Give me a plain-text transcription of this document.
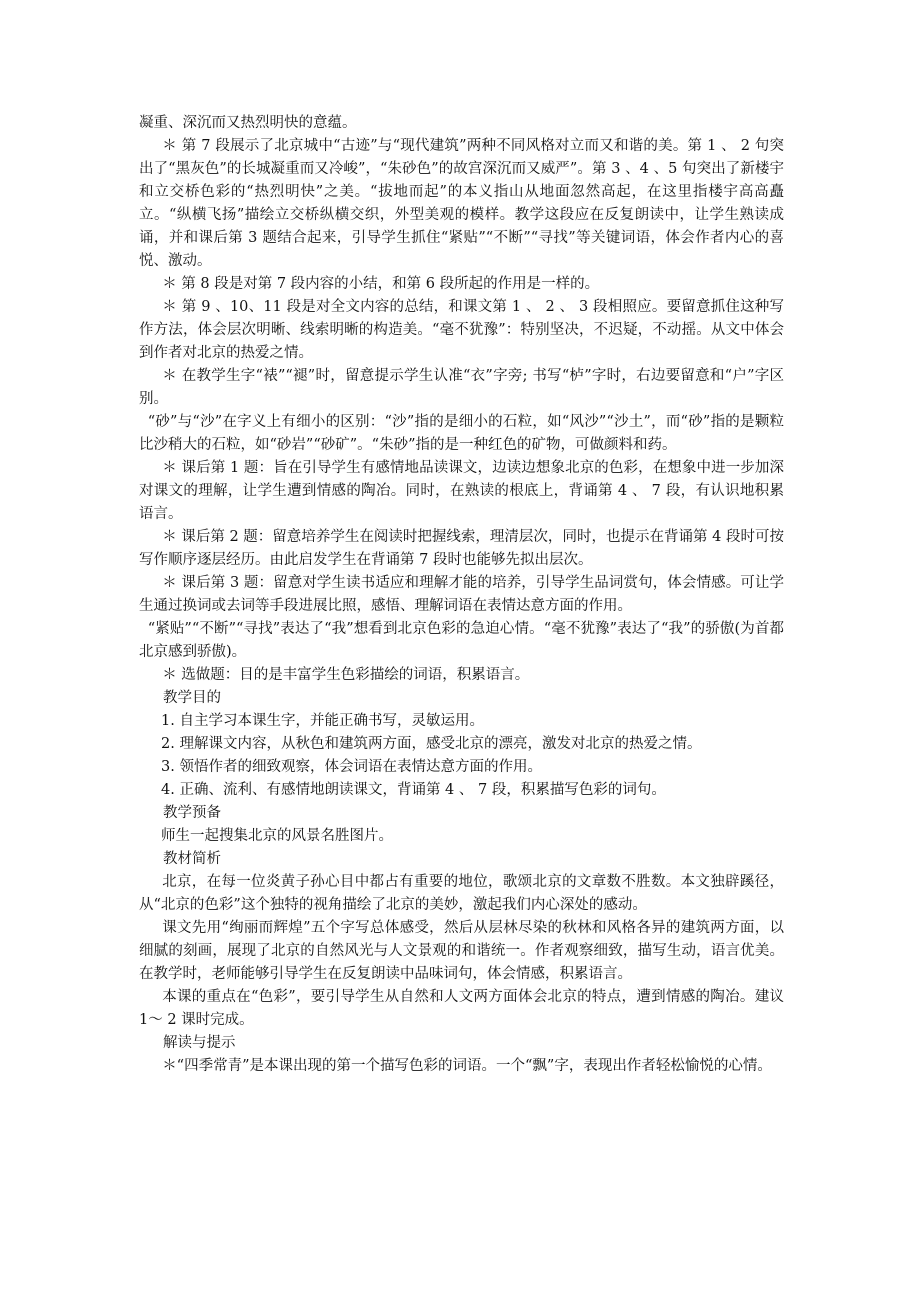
凝重、深沉而又热烈明快的意蕴。

＊ 第 7 段展示了北京城中“古迹”与“现代建筑”两种不同风格对立而又和谐的美。第 1 、 2 句突出了“黑灰色”的长城凝重而又冷峻”，“朱砂色”的故宫深沉而又威严”。第 3 、4 、5 句突出了新楼宇和立交桥色彩的“热烈明快”之美。“拔地而起”的本义指山从地面忽然高起，在这里指楼宇高高矗立。“纵横飞扬”描绘立交桥纵横交织，外型美观的模样。教学这段应在反复朗读中，让学生熟读成诵，并和课后第 3 题结合起来，引导学生抓住“紧贴”“不断”“寻找”等关键词语，体会作者内心的喜悦、激动。

＊ 第 8 段是对第 7 段内容的小结，和第 6 段所起的作用是一样的。

＊ 第 9 、10、11 段是对全文内容的总结，和课文第 1 、 2 、 3 段相照应。要留意抓住这种写作方法，体会层次明晰、线索明晰的构造美。“毫不犹豫”：特别坚决，不迟疑，不动摇。从文中体会到作者对北京的热爱之情。

＊ 在教学生字“裱”“褪”时，留意提示学生认准“衣”字旁; 书写“栌”字时，右边要留意和“户”字区别。

“砂”与“沙”在字义上有细小的区别：“沙”指的是细小的石粒，如“风沙”“沙土”，而“砂”指的是颗粒比沙稍大的石粒，如“砂岩”“砂矿”。“朱砂”指的是一种红色的矿物，可做颜料和药。

＊ 课后第 1 题：旨在引导学生有感情地品读课文，边读边想象北京的色彩，在想象中进一步加深对课文的理解，让学生遭到情感的陶冶。同时，在熟读的根底上，背诵第 4 、 7 段，有认识地积累语言。

＊ 课后第 2 题：留意培养学生在阅读时把握线索，理清层次，同时，也提示在背诵第 4 段时可按写作顺序逐层经历。由此启发学生在背诵第 7 段时也能够先拟出层次。

＊ 课后第 3 题：留意对学生读书适应和理解才能的培养，引导学生品词赏句，体会情感。可让学生通过换词或去词等手段进展比照，感悟、理解词语在表情达意方面的作用。

“紧贴”“不断”“寻找”表达了“我”想看到北京色彩的急迫心情。“毫不犹豫”表达了“我”的骄傲(为首都北京感到骄傲)。

＊ 选做题：目的是丰富学生色彩描绘的词语，积累语言。

教学目的

1. 自主学习本课生字，并能正确书写，灵敏运用。

2. 理解课文内容，从秋色和建筑两方面，感受北京的漂亮，激发对北京的热爱之情。

3. 领悟作者的细致观察，体会词语在表情达意方面的作用。

4. 正确、流利、有感情地朗读课文，背诵第 4 、 7 段，积累描写色彩的词句。

教学预备

师生一起搜集北京的风景名胜图片。

教材简析

北京，在每一位炎黄子孙心目中都占有重要的地位，歌颂北京的文章数不胜数。本文独辟蹊径，从“北京的色彩”这个独特的视角描绘了北京的美妙，激起我们内心深处的感动。

课文先用“绚丽而辉煌”五个字写总体感受，然后从层林尽染的秋林和风格各异的建筑两方面，以细腻的刻画，展现了北京的自然风光与人文景观的和谐统一。作者观察细致，描写生动，语言优美。在教学时，老师能够引导学生在反复朗读中品味词句，体会情感，积累语言。

本课的重点在“色彩”，要引导学生从自然和人文两方面体会北京的特点，遭到情感的陶冶。建议 1～ 2 课时完成。

解读与提示

＊“四季常青”是本课出现的第一个描写色彩的词语。一个“飘”字，表现出作者轻松愉悦的心情。
